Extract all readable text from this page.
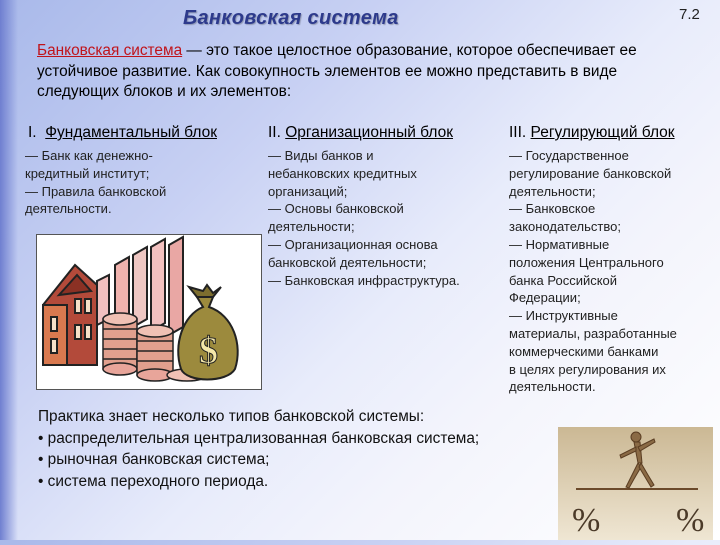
Банковская система	7.2
Банковская система — это такое целостное образование, которое обеспечивает ее устойчивое развитие. Как совокупность элементов ее можно представить в виде следующих блоков и их элементов:
I. Фундаментальный блок	II. Организационный блок	III. Регулирующий блок
— Банк как денежно-
кредитный институт;
— Правила банковской
деятельности.
— Виды банков и
небанковских кредитных
организаций;
— Основы банковской
деятельности;
— Организационная основа
банковской деятельности;
— Банковская инфраструктура.
— Государственное
регулирование банковской
деятельности;
— Банковское
законодательство;
— Нормативные
положения Центрального
банка Российской
Федерации;
— Инструктивные
материалы, разработанные
коммерческими банками
в целях регулирования их
деятельности.
$
Практика знает несколько типов банковской системы:
• распределительная централизованная банковская система;
• рыночная банковская система;
• система переходного периода.
% %
